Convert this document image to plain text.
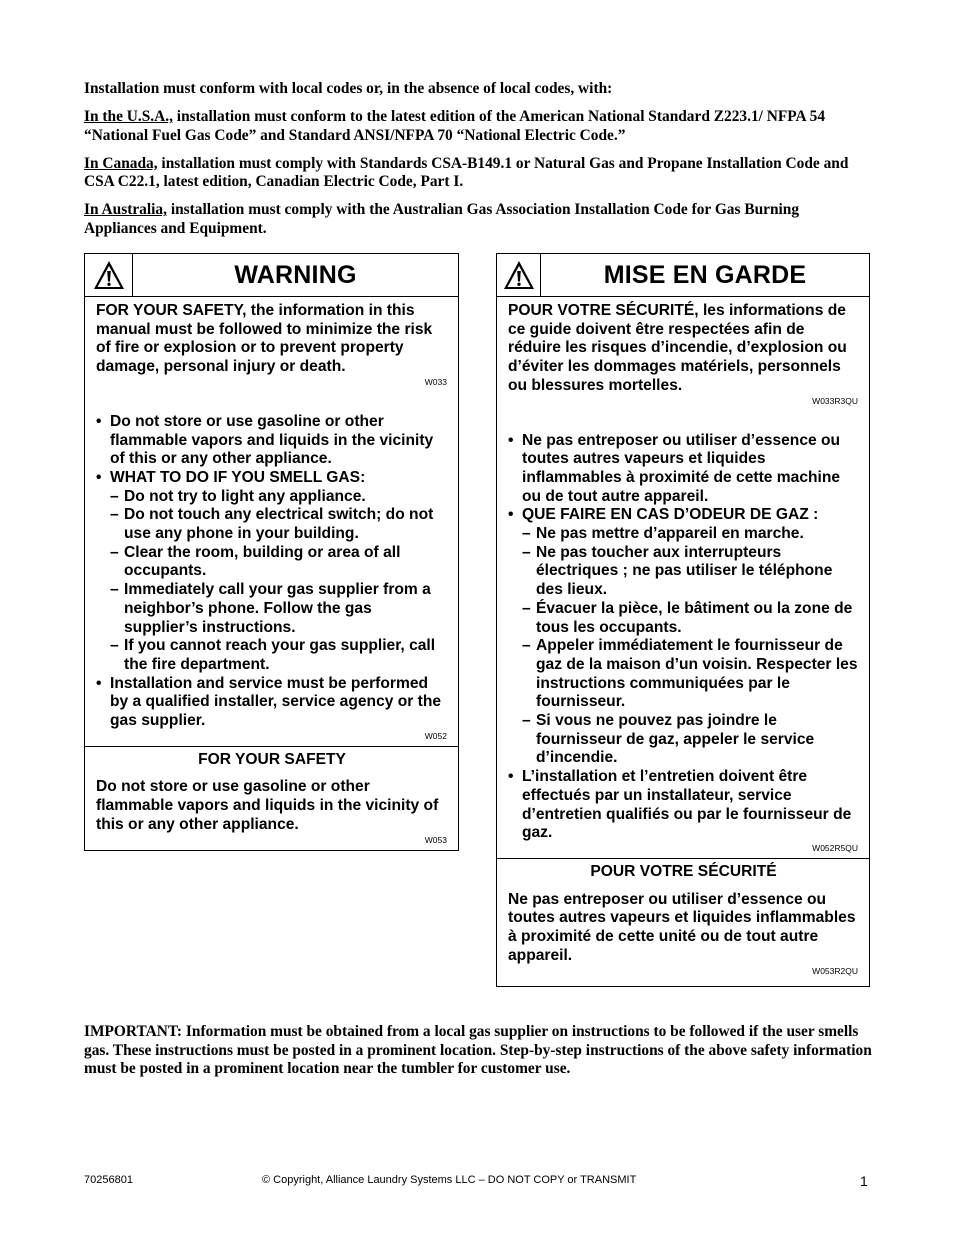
Installation must conform with local codes or, in the absence of local codes, with:

In the U.S.A., installation must conform to the latest edition of the American National Standard Z223.1/ NFPA 54 “National Fuel Gas Code” and Standard ANSI/NFPA 70 “National Electric Code.”

In Canada, installation must comply with Standards CSA-B149.1 or Natural Gas and Propane Installation Code and CSA C22.1, latest edition, Canadian Electric Code, Part I.

In Australia, installation must comply with the Australian Gas Association Installation Code for Gas Burning Appliances and Equipment.

WARNING

FOR YOUR SAFETY, the information in this manual must be followed to minimize the risk of fire or explosion or to prevent property damage, personal injury or death.

W033
• Do not store or use gasoline or other flammable vapors and liquids in the vicinity of this or any other appliance.
• WHAT TO DO IF YOU SMELL GAS:
– Do not try to light any appliance.
– Do not touch any electrical switch; do not use any phone in your building.
– Clear the room, building or area of all occupants.
– Immediately call your gas supplier from a neighbor’s phone. Follow the gas supplier’s instructions.
– If you cannot reach your gas supplier, call the fire department.
• Installation and service must be performed by a qualified installer, service agency or the gas supplier.
W052

FOR YOUR SAFETY

Do not store or use gasoline or other flammable vapors and liquids in the vicinity of this or any other appliance.

W053
MISE EN GARDE

POUR VOTRE SÉCURITÉ, les informations de ce guide doivent être respectées afin de réduire les risques d’incendie, d’explosion ou d’éviter les dommages matériels, personnels ou blessures mortelles.

W033R3QU
• Ne pas entreposer ou utiliser d’essence ou toutes autres vapeurs et liquides inflammables à proximité de cette machine ou de tout autre appareil.
• QUE FAIRE EN CAS D’ODEUR DE GAZ :
– Ne pas mettre d’appareil en marche.
– Ne pas toucher aux interrupteurs électriques ; ne pas utiliser le téléphone des lieux.
– Évacuer la pièce, le bâtiment ou la zone de tous les occupants.
– Appeler immédiatement le fournisseur de gaz de la maison d’un voisin. Respecter les instructions communiquées par le fournisseur.
– Si vous ne pouvez pas joindre le fournisseur de gaz, appeler le service d’incendie.
• L’installation et l’entretien doivent être effectués par un installateur, service d’entretien qualifiés ou par le fournisseur de gaz.
W052R5QU

POUR VOTRE SÉCURITÉ

Ne pas entreposer ou utiliser d’essence ou toutes autres vapeurs et liquides inflammables à proximité de cette unité ou de tout autre appareil.

W053R2QU

IMPORTANT: Information must be obtained from a local gas supplier on instructions to be followed if the user smells gas. These instructions must be posted in a prominent location. Step-by-step instructions of the above safety information must be posted in a prominent location near the tumbler for customer use.

70256801	© Copyright, Alliance Laundry Systems LLC – DO NOT COPY or TRANSMIT	1
